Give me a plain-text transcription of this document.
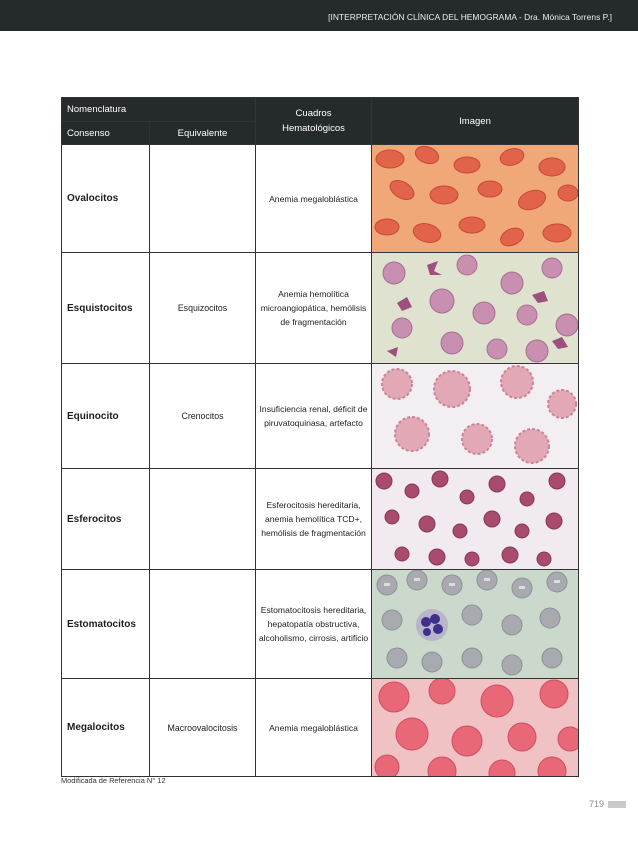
[INTERPRETACIÓN CLÍNICA DEL HEMOGRAMA - Dra. Mónica Torrens P.]
Nomenclatura		Cuadros Hematológicos	Imagen
Consenso	Equivalente		
Ovalocitos		Anemia megaloblástica	

Esquistocitos	Esquizocitos	Anemia hemolítica microangiopática, hemólisis de fragmentación	

Equinocito	Crenocitos	Insuficiencia renal, déficit de piruvatoquinasa, artefacto	

Esferocitos		Esferocitosis hereditaria, anemia hemolítica TCD+, hemólisis de fragmentación	

Estomatocitos		Estomatocitosis hereditaria, hepatopatía obstructiva, alcoholismo, cirrosis, artificio	

Megalocitos	Macroovalocitosis	Anemia megaloblástica	
Modificada de Referencia N° 12
719
